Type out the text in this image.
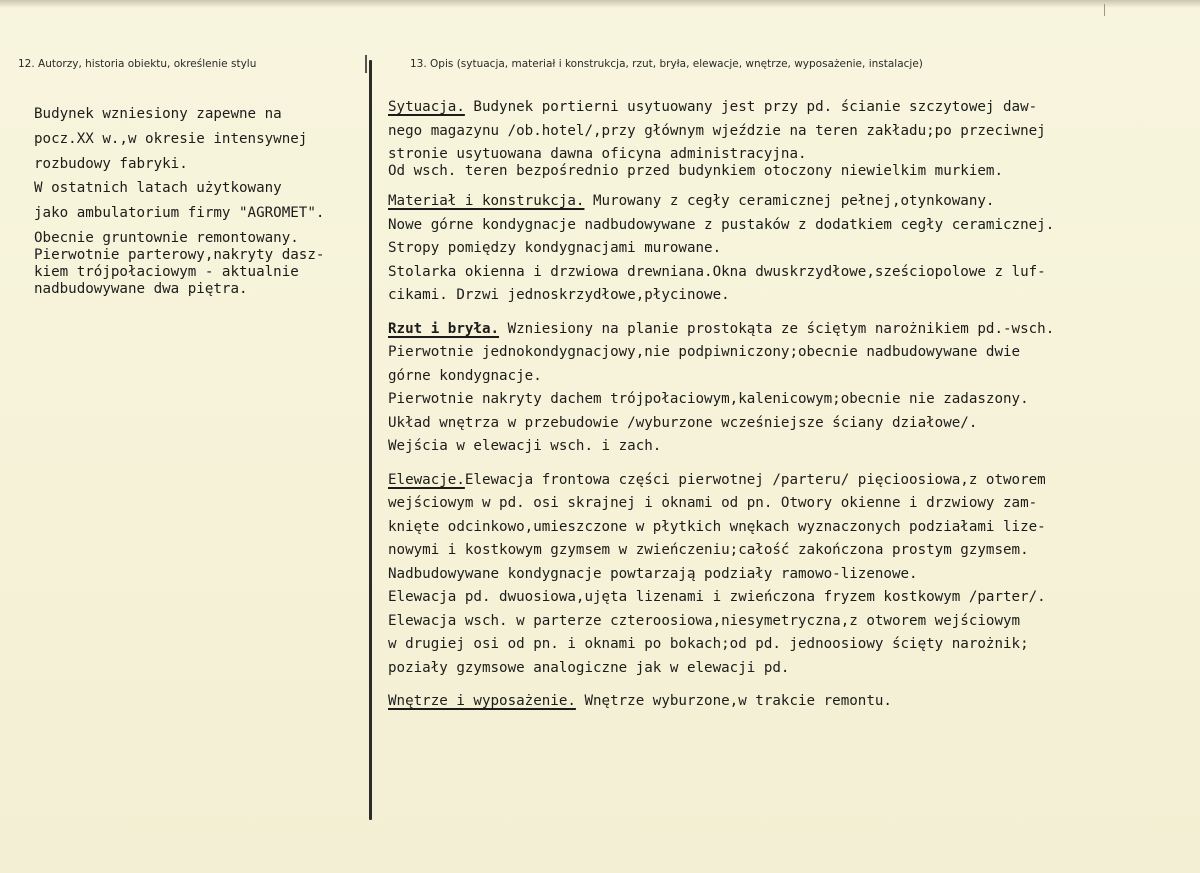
12. Autorzy, historia obiektu, określenie stylu	13. Opis (sytuacja, materiał i konstrukcja, rzut, bryła, elewacje, wnętrze, wyposażenie, instalacje)
Budynek wzniesiony zapewne na
pocz.XX w.,w okresie intensywnej
rozbudowy fabryki.
W ostatnich latach użytkowany
jako ambulatorium firmy "AGROMET".
Obecnie gruntownie remontowany.
Pierwotnie parterowy,nakryty dasz-
kiem trójpołaciowym - aktualnie
nadbudowywane dwa piętra.
Sytuacja. Budynek portierni usytuowany jest przy pd. ścianie szczytowej daw-
nego magazynu /ob.hotel/,przy głównym wjeździe na teren zakładu;po przeciwnej
stronie usytuowana dawna oficyna administracyjna.
Od wsch. teren bezpośrednio przed budynkiem otoczony niewielkim murkiem.
Materiał i konstrukcja. Murowany z cegły ceramicznej pełnej,otynkowany.
Nowe górne kondygnacje nadbudowywane z pustaków z dodatkiem cegły ceramicznej.
Stropy pomiędzy kondygnacjami murowane.
Stolarka okienna i drzwiowa drewniana.Okna dwuskrzydłowe,sześciopolowe z luf-
cikami. Drzwi jednoskrzydłowe,płycinowe.
Rzut i bryła. Wzniesiony na planie prostokąta ze ściętym narożnikiem pd.-wsch.
Pierwotnie jednokondygnacjowy,nie podpiwniczony;obecnie nadbudowywane dwie
górne kondygnacje.
Pierwotnie nakryty dachem trójpołaciowym,kalenicowym;obecnie nie zadaszony.
Układ wnętrza w przebudowie /wyburzone wcześniejsze ściany działowe/.
Wejścia w elewacji wsch. i zach.
Elewacje.Elewacja frontowa części pierwotnej /parteru/ pięcioosiowa,z otworem
wejściowym w pd. osi skrajnej i oknami od pn. Otwory okienne i drzwiowy zam-
knięte odcinkowo,umieszczone w płytkich wnękach wyznaczonych podziałami lize-
nowymi i kostkowym gzymsem w zwieńczeniu;całość zakończona prostym gzymsem.
Nadbudowywane kondygnacje powtarzają podziały ramowo-lizenowe.
Elewacja pd. dwuosiowa,ujęta lizenami i zwieńczona fryzem kostkowym /parter/.
Elewacja wsch. w parterze czteroosiowa,niesymetryczna,z otworem wejściowym
w drugiej osi od pn. i oknami po bokach;od pd. jednoosiowy ścięty narożnik;
poziały gzymsowe analogiczne jak w elewacji pd.
Wnętrze i wyposażenie. Wnętrze wyburzone,w trakcie remontu.
